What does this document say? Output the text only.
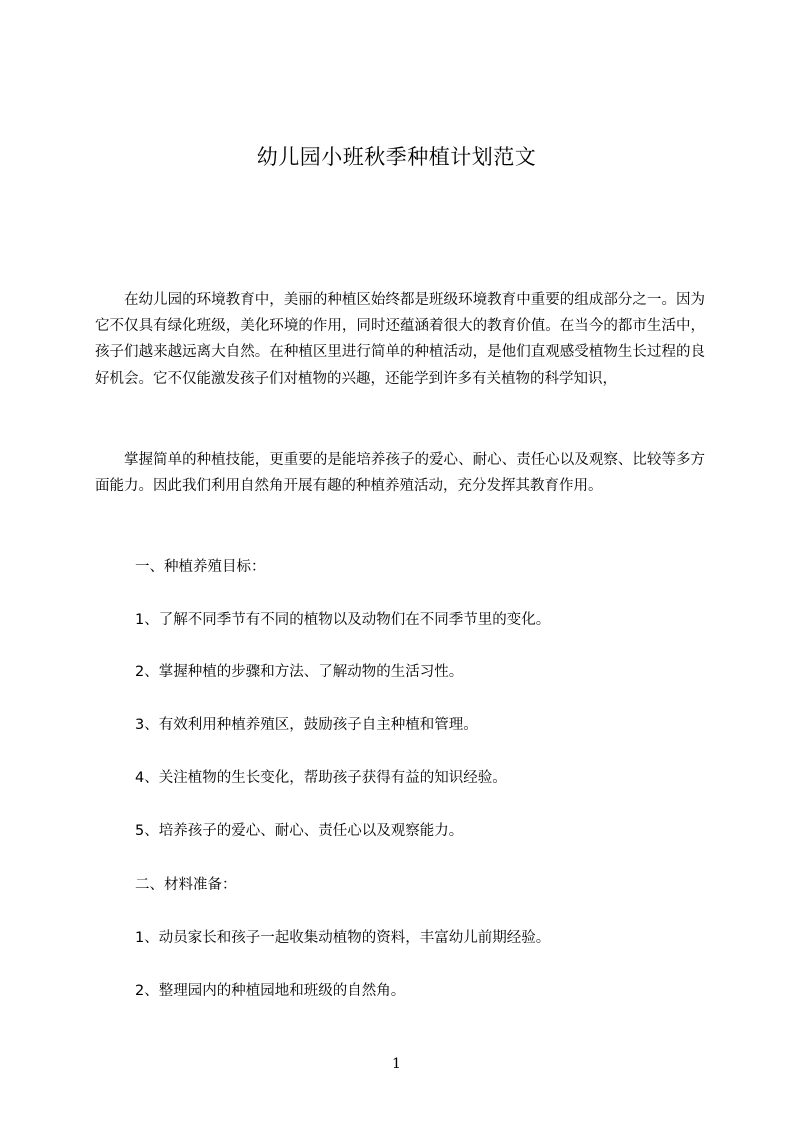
幼儿园小班秋季种植计划范文

在幼儿园的环境教育中，美丽的种植区始终都是班级环境教育中重要的组成部分之一。因为它不仅具有绿化班级，美化环境的作用，同时还蕴涵着很大的教育价值。在当今的都市生活中，孩子们越来越远离大自然。在种植区里进行简单的种植活动，是他们直观感受植物生长过程的良好机会。它不仅能激发孩子们对植物的兴趣，还能学到许多有关植物的科学知识，

掌握简单的种植技能，更重要的是能培养孩子的爱心、耐心、责任心以及观察、比较等多方面能力。因此我们利用自然角开展有趣的种植养殖活动，充分发挥其教育作用。

一、种植养殖目标：

1、了解不同季节有不同的植物以及动物们在不同季节里的变化。

2、掌握种植的步骤和方法、了解动物的生活习性。

3、有效利用种植养殖区，鼓励孩子自主种植和管理。

4、关注植物的生长变化，帮助孩子获得有益的知识经验。

5、培养孩子的爱心、耐心、责任心以及观察能力。

二、材料准备：

1、动员家长和孩子一起收集动植物的资料，丰富幼儿前期经验。

2、整理园内的种植园地和班级的自然角。

1
